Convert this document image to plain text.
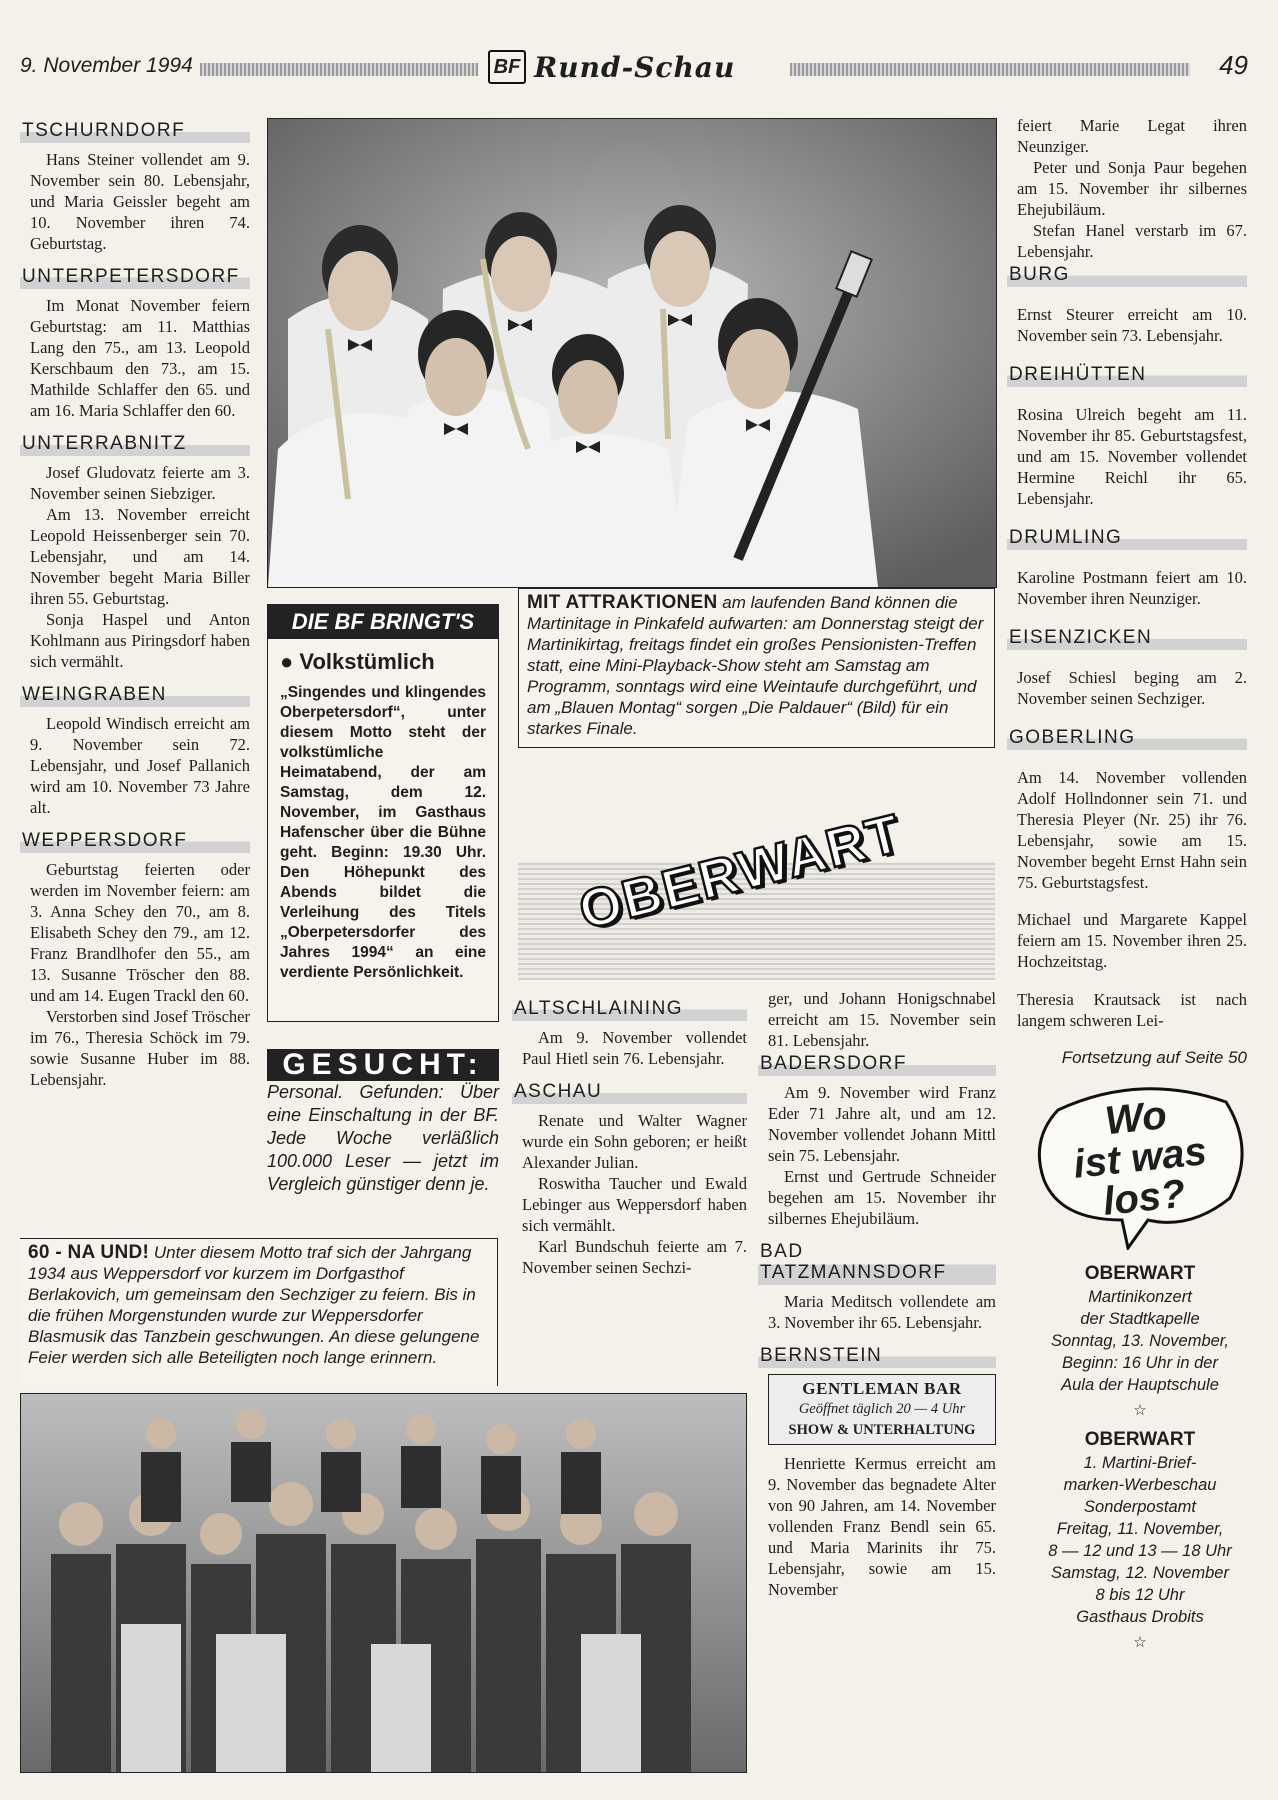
9. November 1994	BF Rund-Schau	49
TSCHURNDORF

Hans Steiner vollendet am 9. November sein 80. Lebensjahr, und Maria Geissler begeht am 10. November ihren 74. Geburtstag.

UNTERPETERSDORF

Im Monat November feiern Geburtstag: am 11. Matthias Lang den 75., am 13. Leopold Kerschbaum den 73., am 15. Mathilde Schlaffer den 65. und am 16. Maria Schlaffer den 60.

UNTERRABNITZ

Josef Gludovatz feierte am 3. November seinen Siebziger.

Am 13. November erreicht Leopold Heissenberger sein 70. Lebensjahr, und am 14. November begeht Maria Biller ihren 55. Geburtstag.

Sonja Haspel und Anton Kohlmann aus Piringsdorf haben sich vermählt.

WEINGRABEN

Leopold Windisch erreicht am 9. November sein 72. Lebensjahr, und Josef Pallanich wird am 10. November 73 Jahre alt.

WEPPERSDORF

Geburtstag feierten oder werden im November feiern: am 3. Anna Schey den 70., am 8. Elisabeth Schey den 79., am 12. Franz Brandlhofer den 55., am 13. Susanne Tröscher den 88. und am 14. Eugen Trackl den 60.

Verstorben sind Josef Tröscher im 76., Theresia Schöck im 79. sowie Susanne Huber im 88. Lebensjahr.

MIT ATTRAKTIONEN am laufenden Band können die Martinitage in Pinkafeld aufwarten: am Donnerstag steigt der Martinikirtag, freitags findet ein großes Pensionisten-Treffen statt, eine Mini-Playback-Show steht am Samstag am Programm, sonntags wird eine Weintaufe durchgeführt, und am „Blauen Montag“ sorgen „Die Paldauer“ (Bild) für ein starkes Finale.
DIE BF BRINGT'S
● Volkstümlich
„Singendes und klingendes Oberpetersdorf“, unter diesem Motto steht der volkstümliche Heimatabend, der am Samstag, dem 12. November, im Gasthaus Hafenscher über die Bühne geht. Beginn: 19.30 Uhr. Den Höhepunkt des Abends bildet die Verleihung des Titels „Oberpetersdorfer des Jahres 1994“ an eine verdiente Persönlichkeit.
GESUCHT:
Personal. Gefunden: Über eine Einschaltung in der BF. Jede Woche verläßlich 100.000 Leser — jetzt im Vergleich günstiger denn je.
60 - NA UND! Unter diesem Motto traf sich der Jahrgang 1934 aus Weppersdorf vor kurzem im Dorfgasthof Berlakovich, um gemeinsam den Sechziger zu feiern. Bis in die frühen Morgenstunden wurde zur Weppersdorfer Blasmusik das Tanzbein geschwungen. An diese gelungene Feier werden sich alle Beteiligten noch lange erinnern.
OBERWART
ALTSCHLAINING

Am 9. November vollendet Paul Hietl sein 76. Lebensjahr.

ASCHAU

Renate und Walter Wagner wurde ein Sohn geboren; er heißt Alexander Julian.

Roswitha Taucher und Ewald Lebinger aus Weppersdorf haben sich vermählt.

Karl Bundschuh feierte am 7. November seinen Sechzi-

ger, und Johann Honigschnabel erreicht am 15. November sein 81. Lebensjahr.

BADERSDORF

Am 9. November wird Franz Eder 71 Jahre alt, und am 12. November vollendet Johann Mittl sein 75. Lebensjahr.

Ernst und Gertrude Schneider begehen am 15. November ihr silbernes Ehejubiläum.

BAD TATZMANNSDORF

Maria Meditsch vollendete am 3. November ihr 65. Lebensjahr.

BERNSTEIN
GENTLEMAN BAR
Geöffnet täglich 20 — 4 Uhr
SHOW & UNTERHALTUNG

Henriette Kermus erreicht am 9. November das begnadete Alter von 90 Jahren, am 14. November vollenden Franz Bendl sein 65. und Maria Marinits ihr 75. Lebensjahr, sowie am 15. November

feiert Marie Legat ihren Neunziger.

Peter und Sonja Paur begehen am 15. November ihr silbernes Ehejubiläum.

Stefan Hanel verstarb im 67. Lebensjahr.

BURG

Ernst Steurer erreicht am 10. November sein 73. Lebensjahr.

DREIHÜTTEN

Rosina Ulreich begeht am 11. November ihr 85. Geburtstagsfest, und am 15. November vollendet Hermine Reichl ihr 65. Lebensjahr.

DRUMLING

Karoline Postmann feiert am 10. November ihren Neunziger.

EISENZICKEN

Josef Schiesl beging am 2. November seinen Sechziger.

GOBERLING

Am 14. November vollenden Adolf Hollndonner sein 71. und Theresia Pleyer (Nr. 25) ihr 76. Lebensjahr, sowie am 15. November begeht Ernst Hahn sein 75. Geburtstagsfest.

Michael und Margarete Kappel feiern am 15. November ihren 25. Hochzeitstag.

Theresia Krautsack ist nach langem schweren Lei-

Fortsetzung auf Seite 50
Wo
ist was
los?
OBERWART
Martinikonzert
der Stadtkapelle
Sonntag, 13. November,
Beginn: 16 Uhr in der
Aula der Hauptschule
☆
OBERWART
1. Martini-Brief-
marken-Werbeschau
Sonderpostamt
Freitag, 11. November,
8 — 12 und 13 — 18 Uhr
Samstag, 12. November
8 bis 12 Uhr
Gasthaus Drobits
☆
